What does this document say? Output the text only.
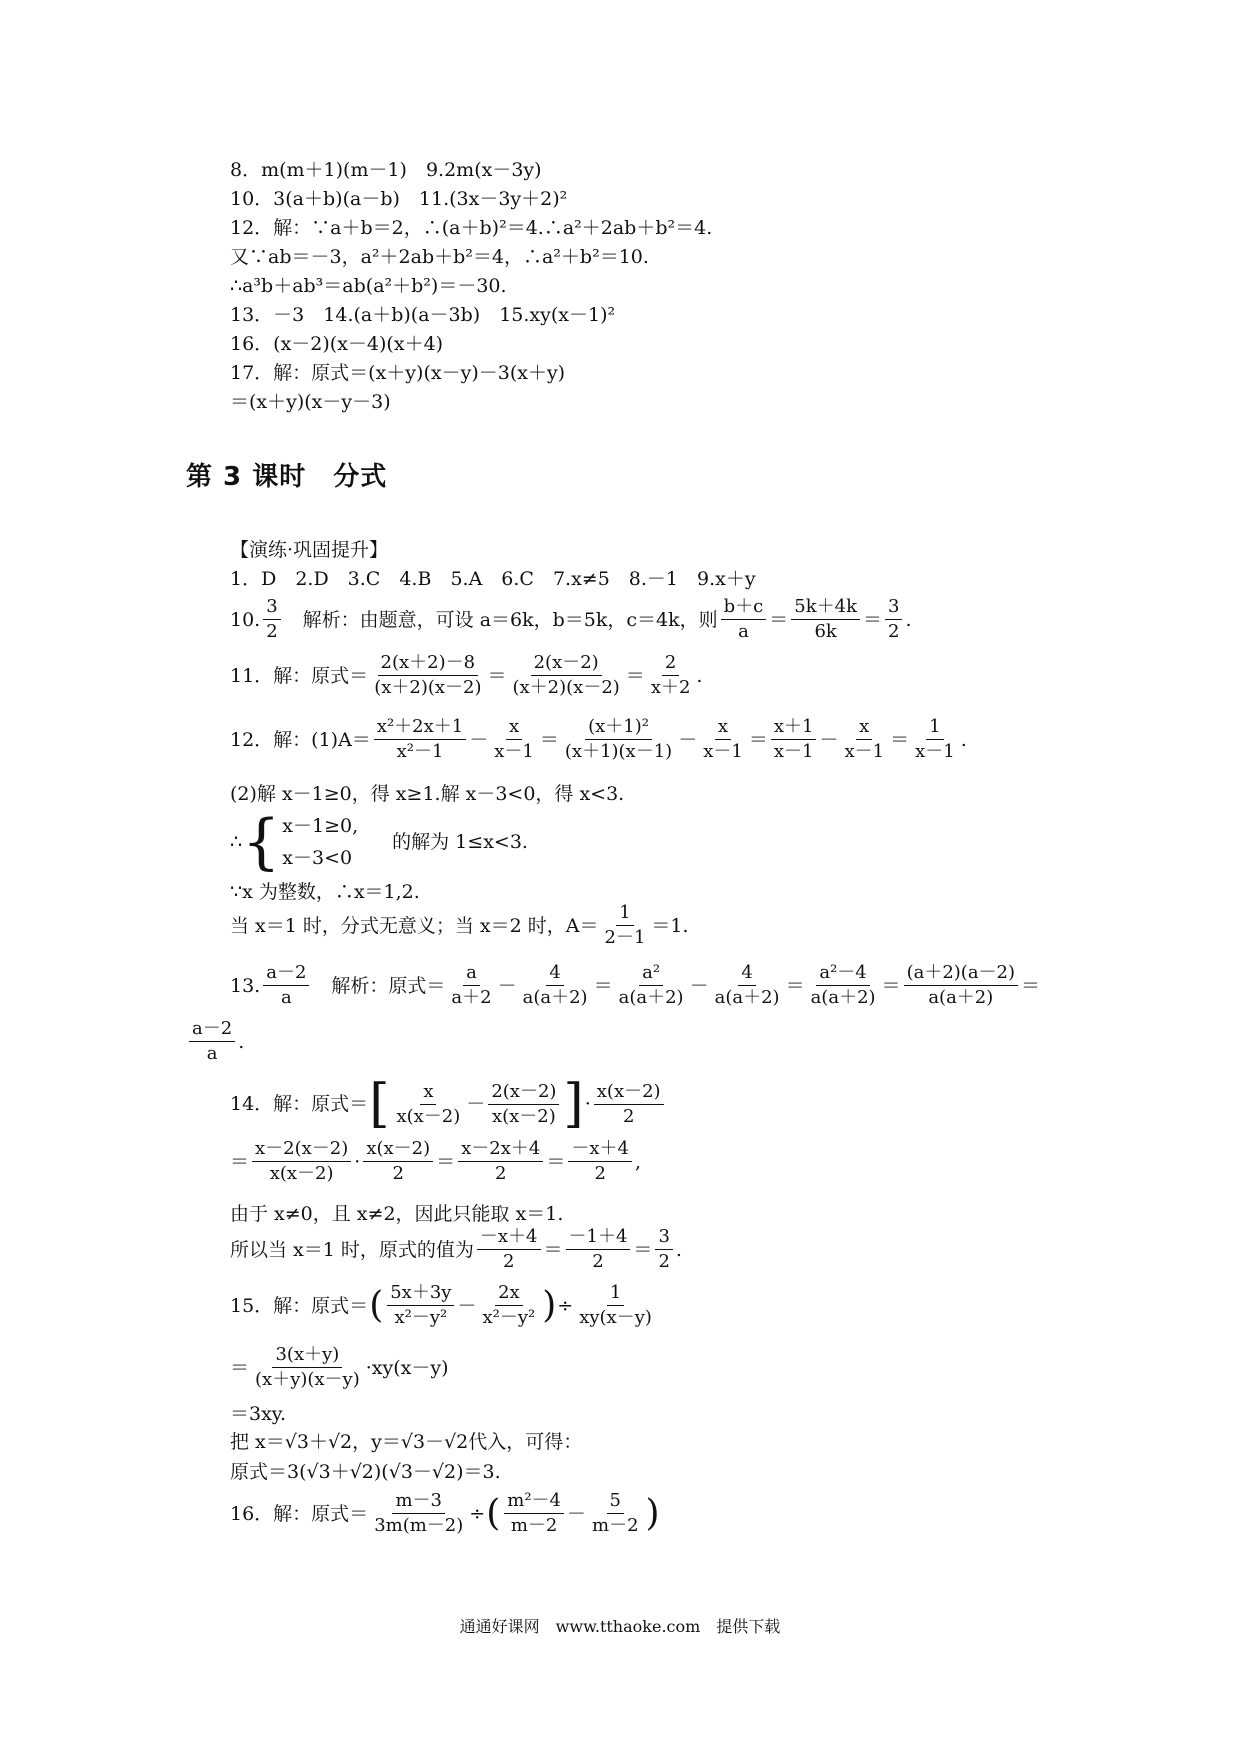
8．m(m＋1)(m－1)　9.2m(x－3y)
10．3(a＋b)(a－b)　11.(3x－3y＋2)²
12．解：∵a＋b＝2，∴(a＋b)²＝4.∴a²＋2ab＋b²＝4.
又∵ab＝－3，a²＋2ab＋b²＝4，∴a²＋b²＝10.
∴a³b＋ab³＝ab(a²＋b²)＝－30.
13．－3　14.(a＋b)(a－3b)　15.xy(x－1)²
16．(x－2)(x－4)(x＋4)
17．解：原式＝(x＋y)(x－y)－3(x＋y)
＝(x＋y)(x－y－3)
第 3 课时　分式
【演练·巩固提升】
1．D　2.D　3.C　4.B　5.A　6.C　7.x≠5　8.－1　9.x＋y
10. $\frac{3}{2}$ 　解析：由题意，可设 a＝6k，b＝5k，c＝4k，则 $\frac{b+c}{a} = \frac{5k+4k}{6k} = \frac{3}{2}$ .
11．解：原式＝ $\frac{2(x+2)-8}{(x+2)(x-2)} = \frac{2(x-2)}{(x+2)(x-2)} = \frac{2}{x+2}$ .
12．解：$(1)A= \frac{\text{x²＋2x＋1}}{\text{x²－1}} - \frac{x}{x-1} = \frac{\text{(x＋1)²}}{(x+1)(x-1)} - \frac{x}{x-1} = \frac{x+1}{x-1} - \frac{x}{x-1} = \frac{1}{x-1}$ .
(2)解 x－1≥0，得 x≥1.解 x－3<0，得 x<3.
∴ { x－1≥0,
x－3<0
的解为 1≤x<3.
∵x 为整数，∴x＝1,2.
当 x＝1 时，分式无意义；当 x＝2 时，$A= \frac{1}{2-1} =1$.
13. $\frac{a-2}{a}$ 　解析：原式＝ $\frac{a}{a+2} - \frac{4}{a(a+2)} = \frac{\text{a²}}{a(a+2)} - \frac{4}{a(a+2)} = \frac{\text{a²－4}}{a(a+2)} = \frac{(a+2)(a-2)}{a(a+2)}$ ＝
$\frac{a-2}{a}$ .
14．解：原式＝ [ $\frac{x}{x(x-2)} - \frac{2(x-2)}{x(x-2)}$ ] · $\frac{x(x-2)}{2}$
＝ $\frac{x-2(x-2)}{x(x-2)} \cdot \frac{x(x-2)}{2} = \frac{x-2x+4}{2} = \frac{-x+4}{2}$ ,
由于 x≠0，且 x≠2，因此只能取 x＝1.
所以当 x＝1 时，原式的值为 $\frac{-x+4}{2} = \frac{-1+4}{2} = \frac{3}{2}$ .
15．解：原式＝ ( $\frac{5x+3y}{\text{x²－y²}} - \frac{2x}{\text{x²－y²}}$ ) ÷ $\frac{1}{xy(x-y)}$
＝ $\frac{3(x+y)}{(x+y)(x-y)} \cdot xy(x-y)$
＝3xy.
把 x＝√3＋√2，y＝√3－√2代入，可得：
原式＝3(√3＋√2)(√3－√2)＝3.
16．解：原式＝ $\frac{m-3}{3m(m-2)}$ ÷ ( $\frac{\text{m²－4}}{m-2} - \frac{5}{m-2}$ )
通通好课网　www.tthaoke.com　提供下载
